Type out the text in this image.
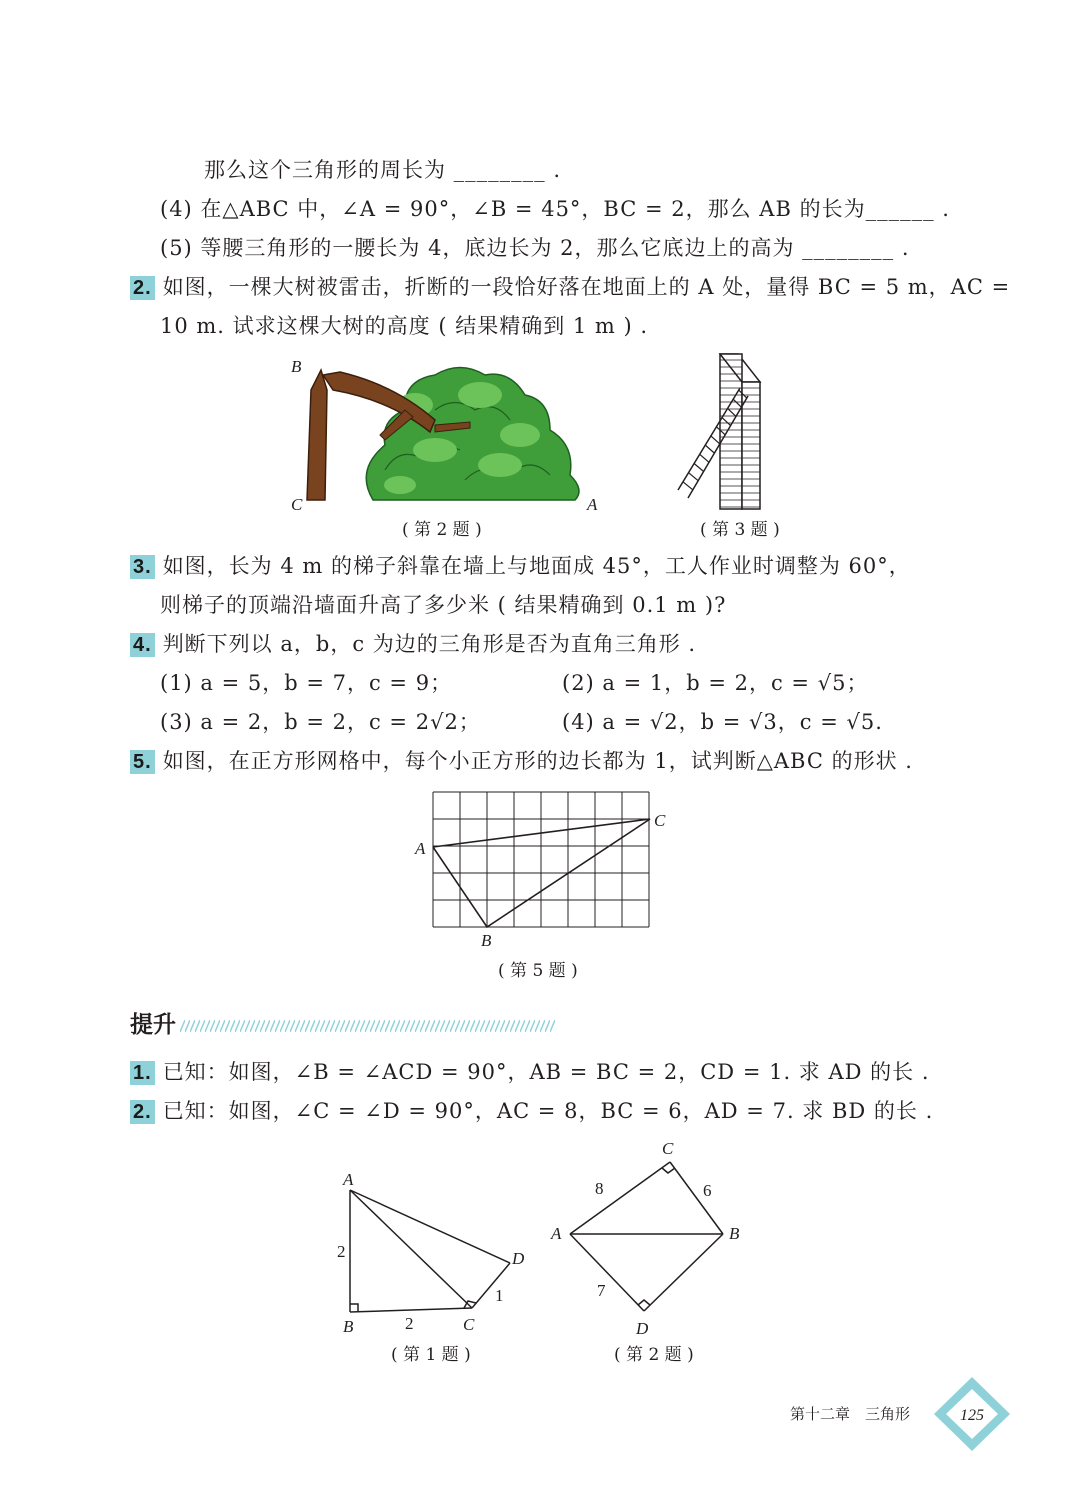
那么这个三角形的周长为 ________ .
(4) 在△ABC 中，∠A = 90°，∠B = 45°，BC = 2，那么 AB 的长为______ .
(5) 等腰三角形的一腰长为 4，底边长为 2，那么它底边上的高为 ________ .
2. 如图，一棵大树被雷击，折断的一段恰好落在地面上的 A 处，量得 BC = 5 m，AC =
10 m. 试求这棵大树的高度 ( 结果精确到 1 m ) .
B
C	A
( 第 2 题 )	( 第 3 题 )
3. 如图，长为 4 m 的梯子斜靠在墙上与地面成 45°，工人作业时调整为 60°，
则梯子的顶端沿墙面升高了多少米 ( 结果精确到 0.1 m )?
4. 判断下列以 a，b，c 为边的三角形是否为直角三角形 .
(1) a = 5，b = 7，c = 9；	(2) a = 1，b = 2，c = √5；
(3) a = 2，b = 2，c = 2√2；	(4) a = √2，b = √3，c = √5.
5. 如图，在正方形网格中，每个小正方形的边长都为 1，试判断△ABC 的形状 .
A
B
C
( 第 5 题 )
提升
1. 已知：如图，∠B = ∠ACD = 90°，AB = BC = 2，CD = 1. 求 AD 的长 .
2. 已知：如图，∠C = ∠D = 90°，AC = 8，BC = 6，AD = 7. 求 BD 的长 .
A
B	C
D
2
2
1
( 第 1 题 )
C
A	B
D
8	6
7
( 第 2 题 )
第十二章　三角形	125
